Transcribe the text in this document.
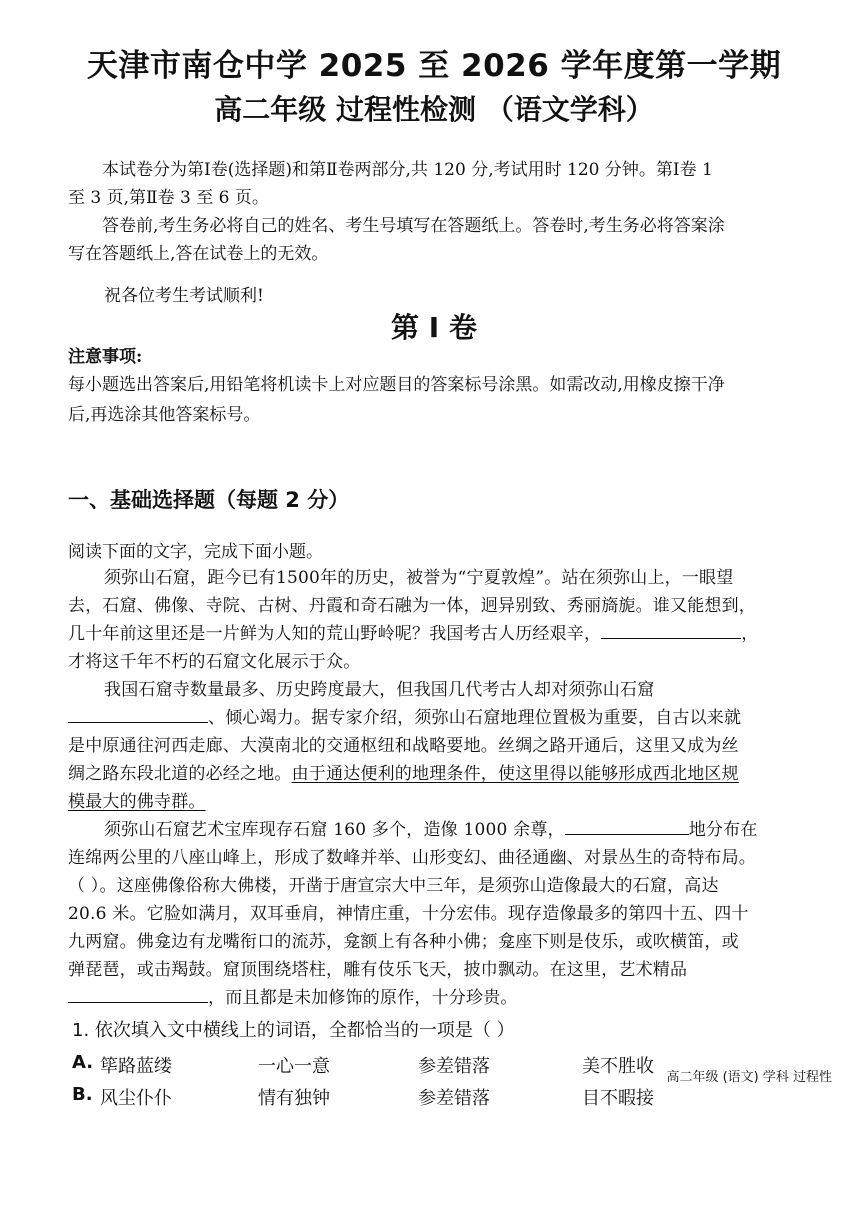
天津市南仓中学 2025 至 2026 学年度第一学期
高二年级 过程性检测 （语文学科）
本试卷分为第Ⅰ卷(选择题)和第Ⅱ卷两部分,共 120 分,考试用时 120 分钟。第Ⅰ卷 1
至 3 页,第Ⅱ卷 3 至 6 页。
答卷前,考生务必将自己的姓名、考生号填写在答题纸上。答卷时,考生务必将答案涂
写在答题纸上,答在试卷上的无效。
祝各位考生考试顺利!
第 Ⅰ 卷
注意事项:
每小题选出答案后,用铅笔将机读卡上对应题目的答案标号涂黑。如需改动,用橡皮擦干净
后,再选涂其他答案标号。
一、基础选择题（每题 2 分）
阅读下面的文字，完成下面小题。
须弥山石窟，距今已有1500年的历史，被誉为“宁夏敦煌”。站在须弥山上，一眼望
去，石窟、佛像、寺院、古树、丹霞和奇石融为一体，迥异别致、秀丽旖旎。谁又能想到，
几十年前这里还是一片鲜为人知的荒山野岭呢？我国考古人历经艰辛，	，
才将这千年不朽的石窟文化展示于众。
我国石窟寺数量最多、历史跨度最大，但我国几代考古人却对须弥山石窟
、倾心竭力。据专家介绍，须弥山石窟地理位置极为重要，自古以来就
是中原通往河西走廊、大漠南北的交通枢纽和战略要地。丝绸之路开通后，这里又成为丝
绸之路东段北道的必经之地。由于通达便利的地理条件，使这里得以能够形成西北地区规
模最大的佛寺群。
须弥山石窟艺术宝库现存石窟 160 多个，造像 1000 余尊，	地分布在
连绵两公里的八座山峰上，形成了数峰并举、山形变幻、曲径通幽、对景丛生的奇特布局。
（ ）。这座佛像俗称大佛楼，开凿于唐宣宗大中三年，是须弥山造像最大的石窟，高达
20.6 米。它脸如满月，双耳垂肩，神情庄重，十分宏伟。现存造像最多的第四十五、四十
九两窟。佛龛边有龙嘴衔口的流苏，龛额上有各种小佛；龛座下则是伎乐，或吹横笛，或
弹琵琶，或击羯鼓。窟顶围绕塔柱，雕有伎乐飞天，披巾飘动。在这里，艺术精品
，而且都是未加修饰的原作，十分珍贵。
1. 依次填入文中横线上的词语，全都恰当的一项是（ ）
A. 筚路蓝缕	一心一意	参差错落	美不胜收
B. 风尘仆仆	情有独钟	参差错落	目不暇接
高二年级 (语文) 学科 过程性
